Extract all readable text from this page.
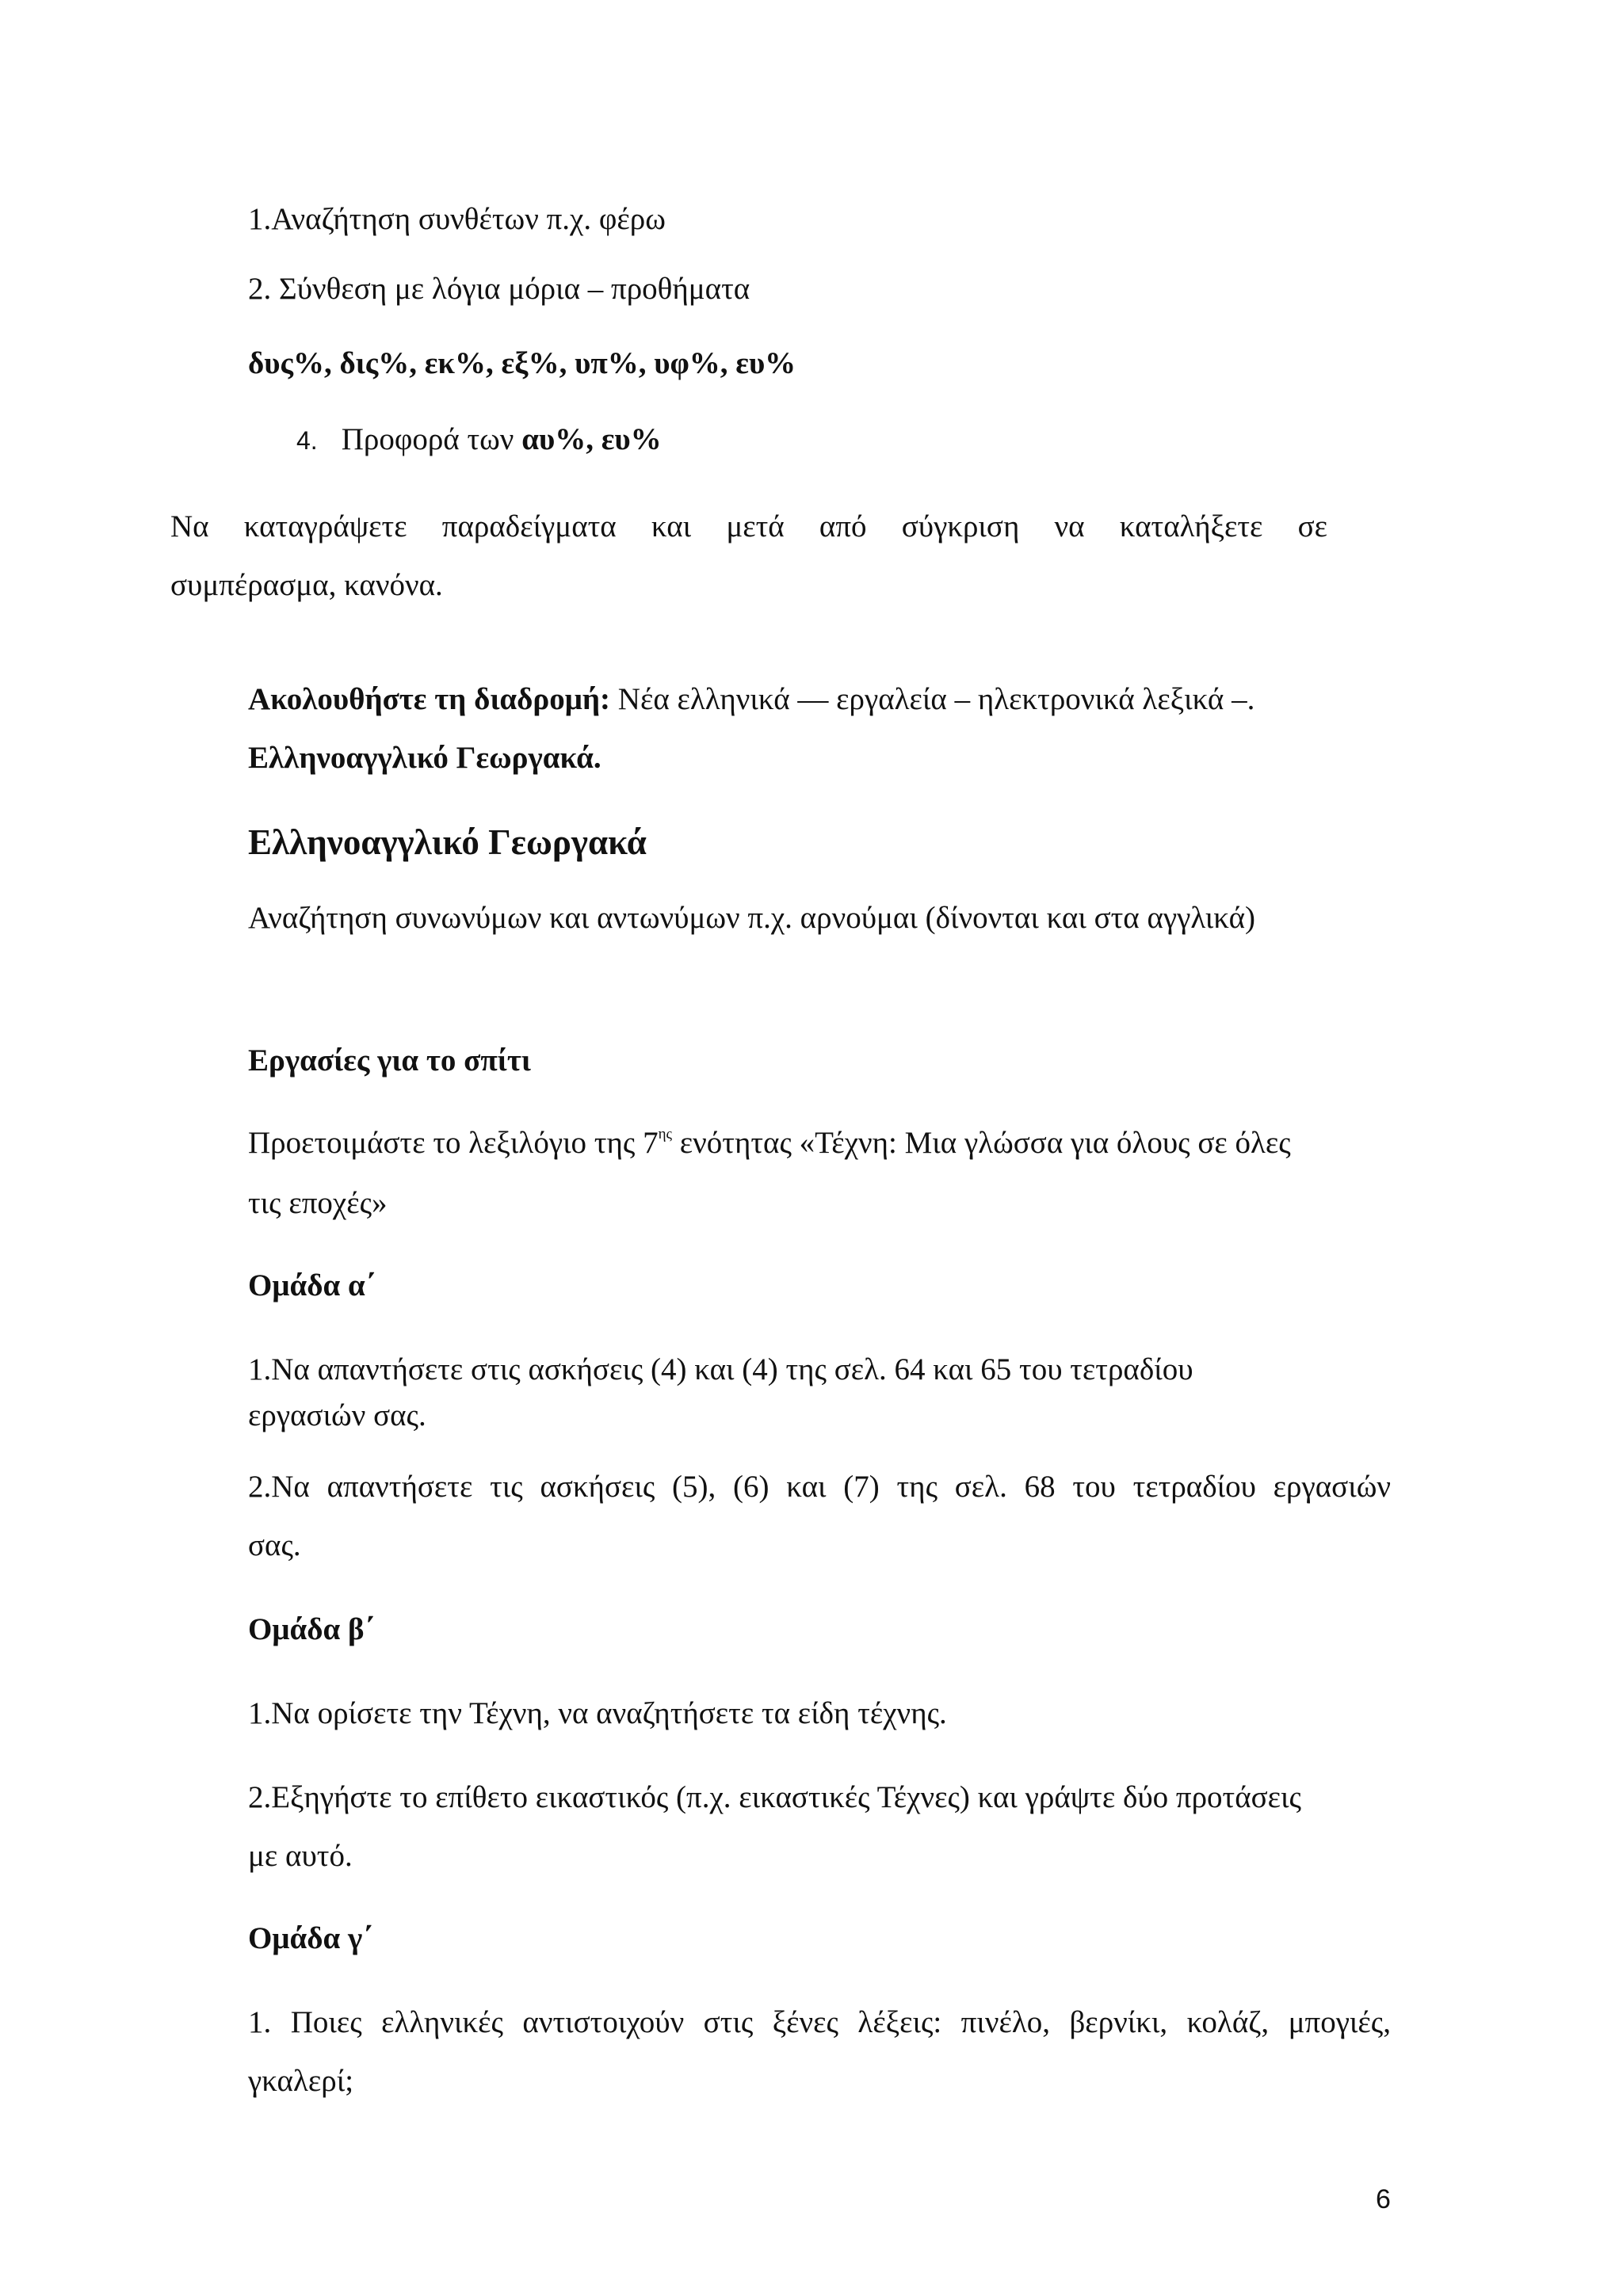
1.Αναζήτηση συνθέτων π.χ. φέρω

2. Σύνθεση με λόγια μόρια – προθήματα

δυς%, δις%, εκ%, εξ%, υπ%, υφ%, ευ%

4. Προφορά των αυ%, ευ%

Να καταγράψετε παραδείγματα και μετά από σύγκριση να καταλήξετε σε

συμπέρασμα, κανόνα.

Ακολουθήστε τη διαδρομή: Νέα ελληνικά — εργαλεία – ηλεκτρονικά λεξικά –.

Ελληνοαγγλικό Γεωργακά.

Ελληνοαγγλικό Γεωργακά

Αναζήτηση συνωνύμων και αντωνύμων π.χ. αρνούμαι (δίνονται και στα αγγλικά)

Εργασίες για το σπίτι

Προετοιμάστε το λεξιλόγιο της $7^{\eta\varsigma}$ ενότητας «Τέχνη: Μια γλώσσα για όλους σε όλες

τις εποχές»

Ομάδα α΄

1.Να απαντήσετε στις ασκήσεις (4) και (4) της σελ. 64 και 65 του τετραδίου

εργασιών σας.

2.Να απαντήσετε τις ασκήσεις (5), (6) και (7) της σελ. 68 του τετραδίου εργασιών

σας.

Ομάδα β΄

1.Να ορίσετε την Τέχνη, να αναζητήσετε τα είδη τέχνης.

2.Εξηγήστε το επίθετο εικαστικός (π.χ. εικαστικές Τέχνες) και γράψτε δύο προτάσεις

με αυτό.

Ομάδα γ΄

1. Ποιες ελληνικές αντιστοιχούν στις ξένες λέξεις: πινέλο, βερνίκι, κολάζ, μπογιές,

γκαλερί;

6
